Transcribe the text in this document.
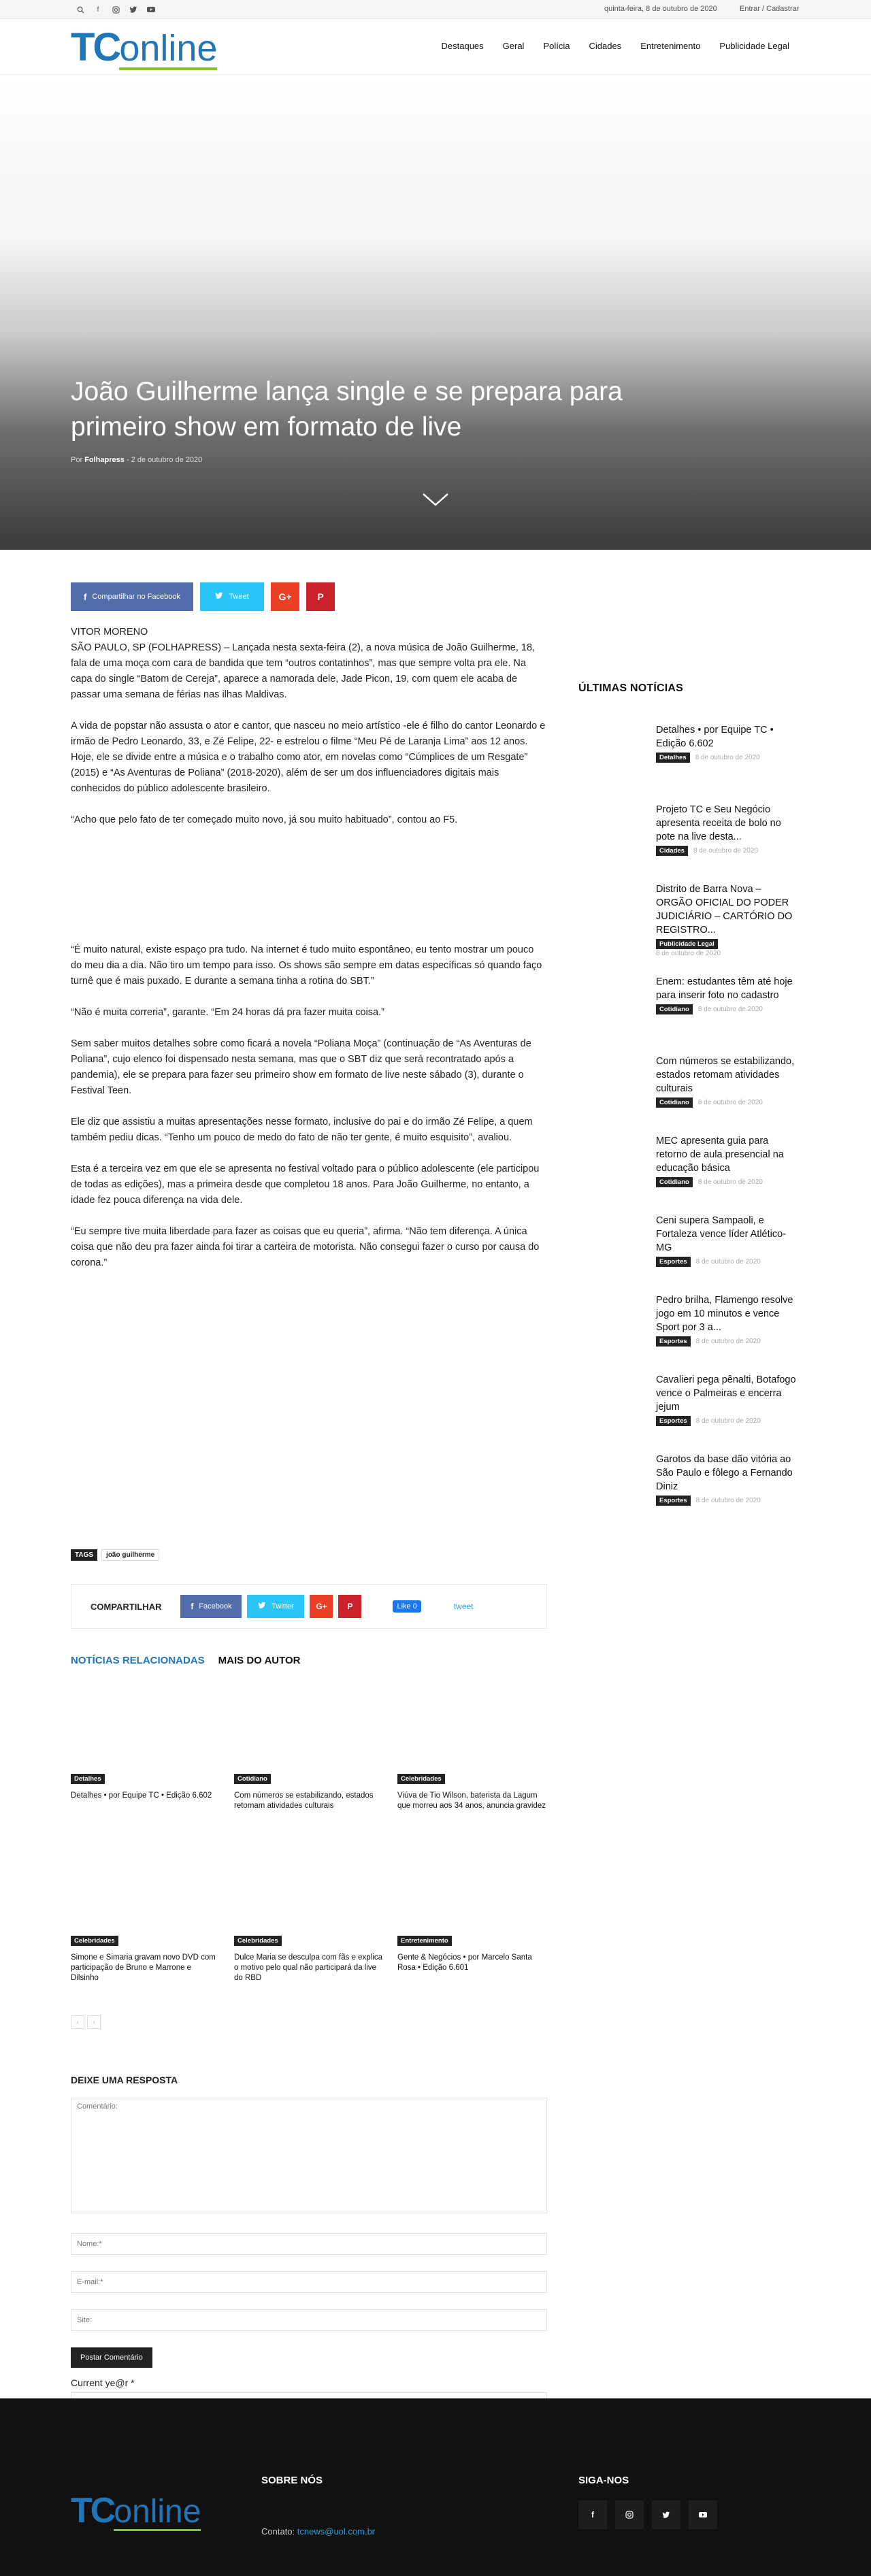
f	quinta-feira, 8 de outubro de 2020	Entrar / Cadastrar
TC online	Destaques Geral Polícia Cidades Entretenimento Publicidade Legal
João Guilherme lança single e se prepara para primeiro show em formato de live
Por Folhapress - 2 de outubro de 2020
f Compartilhar no Facebook	Tweet	G+	P

VITOR MORENO

SÃO PAULO, SP (FOLHAPRESS) – Lançada nesta sexta-feira (2), a nova música de João Guilherme, 18, fala de uma moça com cara de bandida que tem “outros contatinhos”, mas que sempre volta pra ele. Na capa do single “Batom de Cereja”, aparece a namorada dele, Jade Picon, 19, com quem ele acaba de passar uma semana de férias nas ilhas Maldivas.

A vida de popstar não assusta o ator e cantor, que nasceu no meio artístico -ele é filho do cantor Leonardo e irmão de Pedro Leonardo, 33, e Zé Felipe, 22- e estrelou o filme “Meu Pé de Laranja Lima” aos 12 anos. Hoje, ele se divide entre a música e o trabalho como ator, em novelas como “Cúmplices de um Resgate” (2015) e “As Aventuras de Poliana” (2018-2020), além de ser um dos influenciadores digitais mais conhecidos do público adolescente brasileiro.

“Acho que pelo fato de ter começado muito novo, já sou muito habituado”, contou ao F5.

“É muito natural, existe espaço pra tudo. Na internet é tudo muito espontâneo, eu tento mostrar um pouco do meu dia a dia. Não tiro um tempo para isso. Os shows são sempre em datas específicas só quando faço turnê que é mais puxado. E durante a semana tinha a rotina do SBT.”

“Não é muita correria”, garante. “Em 24 horas dá pra fazer muita coisa.”

Sem saber muitos detalhes sobre como ficará a novela “Poliana Moça” (continuação de “As Aventuras de Poliana”, cujo elenco foi dispensado nesta semana, mas que o SBT diz que será recontratado após a pandemia), ele se prepara para fazer seu primeiro show em formato de live neste sábado (3), durante o Festival Teen.

Ele diz que assistiu a muitas apresentações nesse formato, inclusive do pai e do irmão Zé Felipe, a quem também pediu dicas. “Tenho um pouco de medo do fato de não ter gente, é muito esquisito”, avaliou.

Esta é a terceira vez em que ele se apresenta no festival voltado para o público adolescente (ele participou de todas as edições), mas a primeira desde que completou 18 anos. Para João Guilherme, no entanto, a idade fez pouca diferença na vida dele.

“Eu sempre tive muita liberdade para fazer as coisas que eu queria”, afirma. “Não tem diferença. A única coisa que não deu pra fazer ainda foi tirar a carteira de motorista. Não consegui fazer o curso por causa do corona.”

ÚLTIMAS NOTÍCIAS
Detalhes • por Equipe TC • Edição 6.602
Detalhes	8 de outubro de 2020
Projeto TC e Seu Negócio apresenta receita de bolo no pote na live desta...
Cidades	8 de outubro de 2020
Distrito de Barra Nova – ORGÃO OFICIAL DO PODER JUDICIÁRIO – CARTÓRIO DO REGISTRO...
Publicidade Legal
8 de outubro de 2020
Enem: estudantes têm até hoje para inserir foto no cadastro
Cotidiano	8 de outubro de 2020
Com números se estabilizando, estados retomam atividades culturais
Cotidiano	8 de outubro de 2020
MEC apresenta guia para retorno de aula presencial na educação básica
Cotidiano	8 de outubro de 2020
Ceni supera Sampaoli, e Fortaleza vence líder Atlético-MG
Esportes	8 de outubro de 2020
Pedro brilha, Flamengo resolve jogo em 10 minutos e vence Sport por 3 a...
Esportes	8 de outubro de 2020
Cavalieri pega pênalti, Botafogo vence o Palmeiras e encerra jejum
Esportes	8 de outubro de 2020
Garotos da base dão vitória ao São Paulo e fôlego a Fernando Diniz
Esportes	8 de outubro de 2020
TAGS	joão guilherme
COMPARTILHAR	f Facebook	Twitter	G+	P	Like 0	tweet
NOTÍCIAS RELACIONADAS MAIS DO AUTOR
Detalhes
Detalhes • por Equipe TC • Edição 6.602
Cotidiano
Com números se estabilizando, estados retomam atividades culturais
Celebridades
Viúva de Tio Wilson, baterista da Lagum que morreu aos 34 anos, anuncia gravidez
Celebridades
Simone e Simaria gravam novo DVD com participação de Bruno e Marrone e Dilsinho
Celebridades
Dulce Maria se desculpa com fãs e explica o motivo pelo qual não participará da live do RBD
Entretenimento
Gente & Negócios • por Marcelo Santa Rosa • Edição 6.601
‹	›
DEIXE UMA RESPOSTA
Comentário:
Nome:*
E-mail:*
Site: Postar Comentário
Current ye@r *
TC online
SOBRE NÓS
Contato: tcnews@uol.com.br
SIGA-NOS
f
